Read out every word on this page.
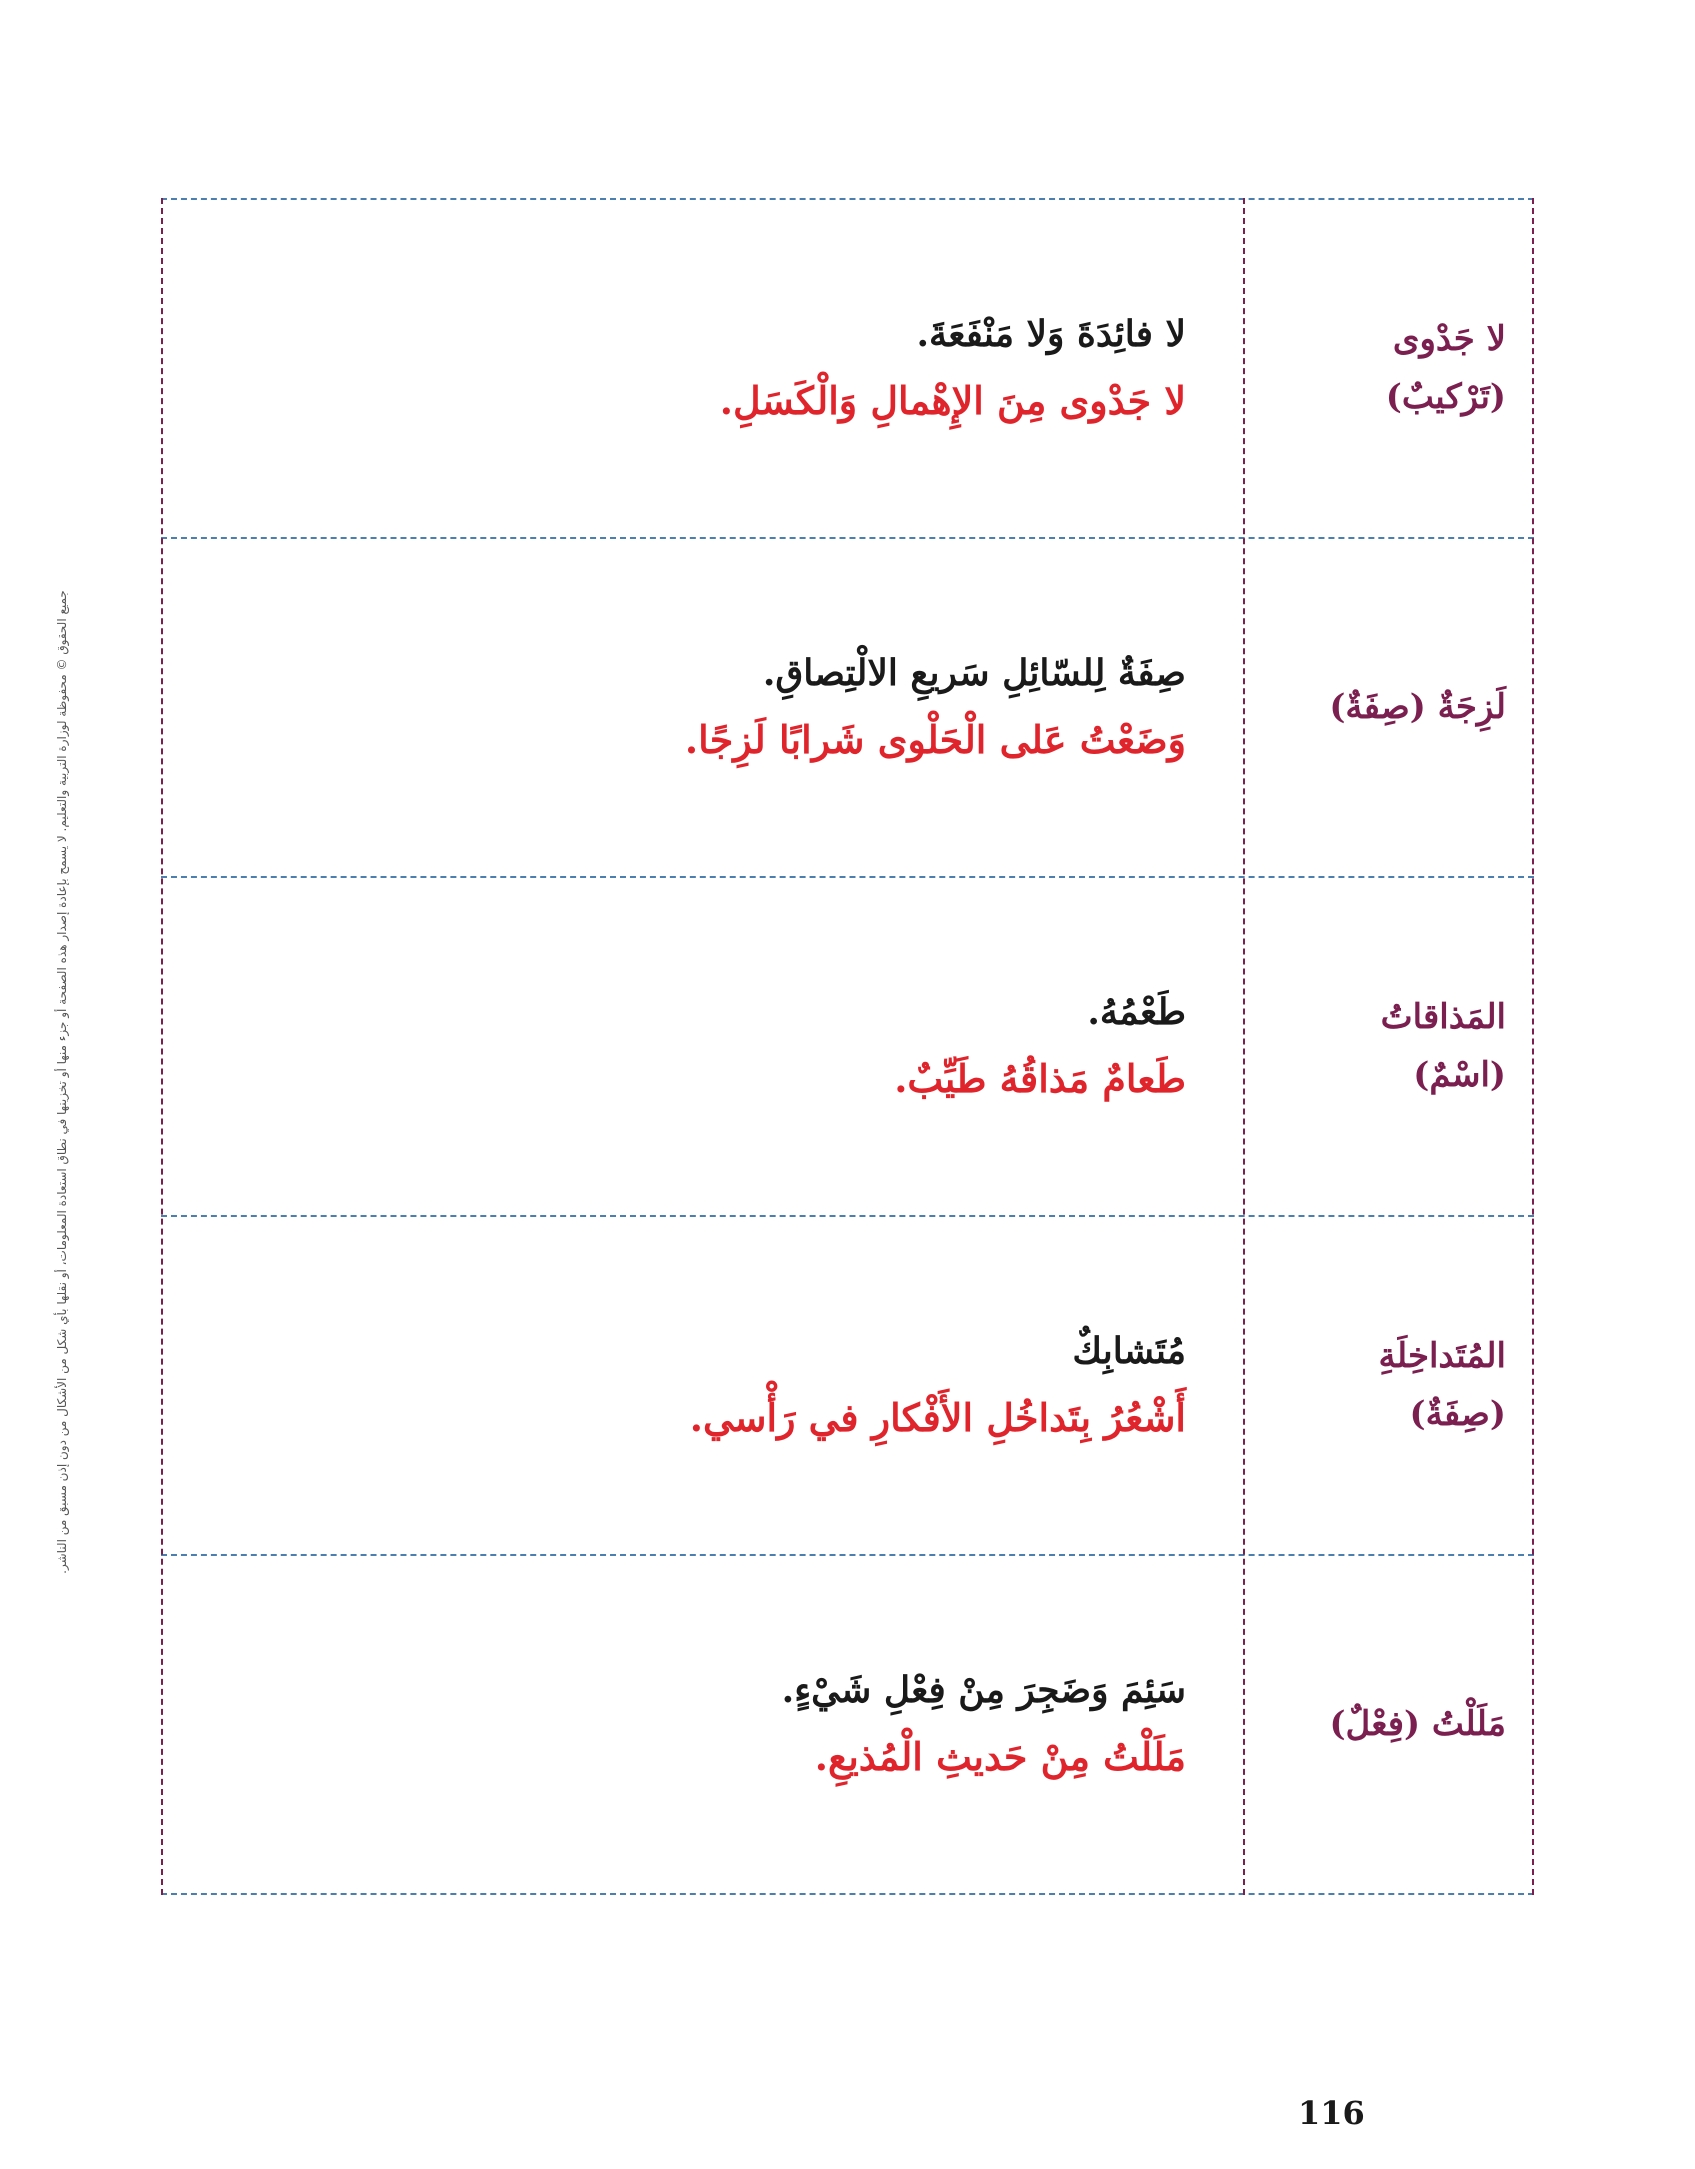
جميع الحقوق © محفوظة لوزارة التربية والتعليم. لا يسمح بإعادة إصدار هذه الصفحة أو جزء منها أو تخزينها في نطاق استعادة المعلومات، أو نقلها بأي شكل من الأشكال من دون إذن مسبق من الناشر.
لا جَدْوى
(تَرْكيبٌ)
لا فائِدَةَ وَلا مَنْفَعَةَ.
لا جَدْوى مِنَ الإِهْمالِ وَالْكَسَلِ.
لَزِجَةٌ (صِفَةٌ)
صِفَةٌ لِلسّائِلِ سَريعِ الالْتِصاقِ.
وَضَعْتُ عَلى الْحَلْوى شَرابًا لَزِجًا.
المَذاقاتُ
(اسْمٌ)
طَعْمُهُ.
طَعامٌ مَذاقُهُ طَيِّبٌ.
المُتَداخِلَةِ
(صِفَةٌ)
مُتَشابِكٌ
أَشْعُرُ بِتَداخُلِ الأَفْكارِ في رَأْسي.
مَلَلْتُ (فِعْلٌ)
سَئِمَ وَضَجِرَ مِنْ فِعْلِ شَيْءٍ.
مَلَلْتُ مِنْ حَديثِ الْمُذيعِ.
116
